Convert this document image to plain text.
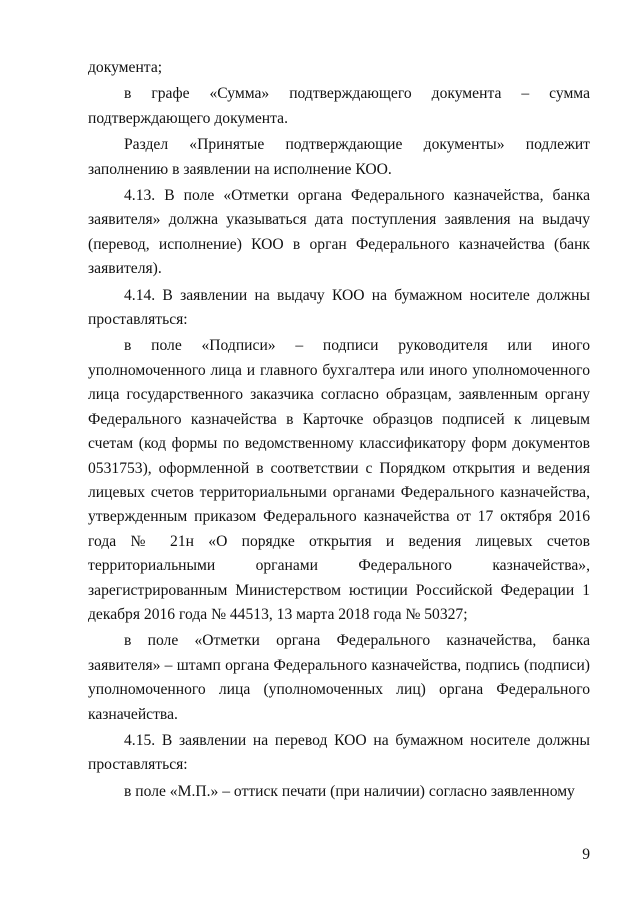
документа;

в графе «Сумма» подтверждающего документа – сумма подтверждающего документа.

Раздел «Принятые подтверждающие документы» подлежит заполнению в заявлении на исполнение КОО.

4.13. В поле «Отметки органа Федерального казначейства, банка заявителя» должна указываться дата поступления заявления на выдачу (перевод, исполнение) КОО в орган Федерального казначейства (банк заявителя).

4.14. В заявлении на выдачу КОО на бумажном носителе должны проставляться:

в поле «Подписи» – подписи руководителя или иного уполномоченного лица и главного бухгалтера или иного уполномоченного лица государственного заказчика согласно образцам, заявленным органу Федерального казначейства в Карточке образцов подписей к лицевым счетам (код формы по ведомственному классификатору форм документов 0531753), оформленной в соответствии с Порядком открытия и ведения лицевых счетов территориальными органами Федерального казначейства, утвержденным приказом Федерального казначейства от 17 октября 2016 года № 21н «О порядке открытия и ведения лицевых счетов территориальными органами Федерального казначейства», зарегистрированным Министерством юстиции Российской Федерации 1 декабря 2016 года № 44513, 13 марта 2018 года № 50327;

в поле «Отметки органа Федерального казначейства, банка заявителя» – штамп органа Федерального казначейства, подпись (подписи) уполномоченного лица (уполномоченных лиц) органа Федерального казначейства.

4.15. В заявлении на перевод КОО на бумажном носителе должны проставляться:

в поле «М.П.» – оттиск печати (при наличии) согласно заявленному

9
